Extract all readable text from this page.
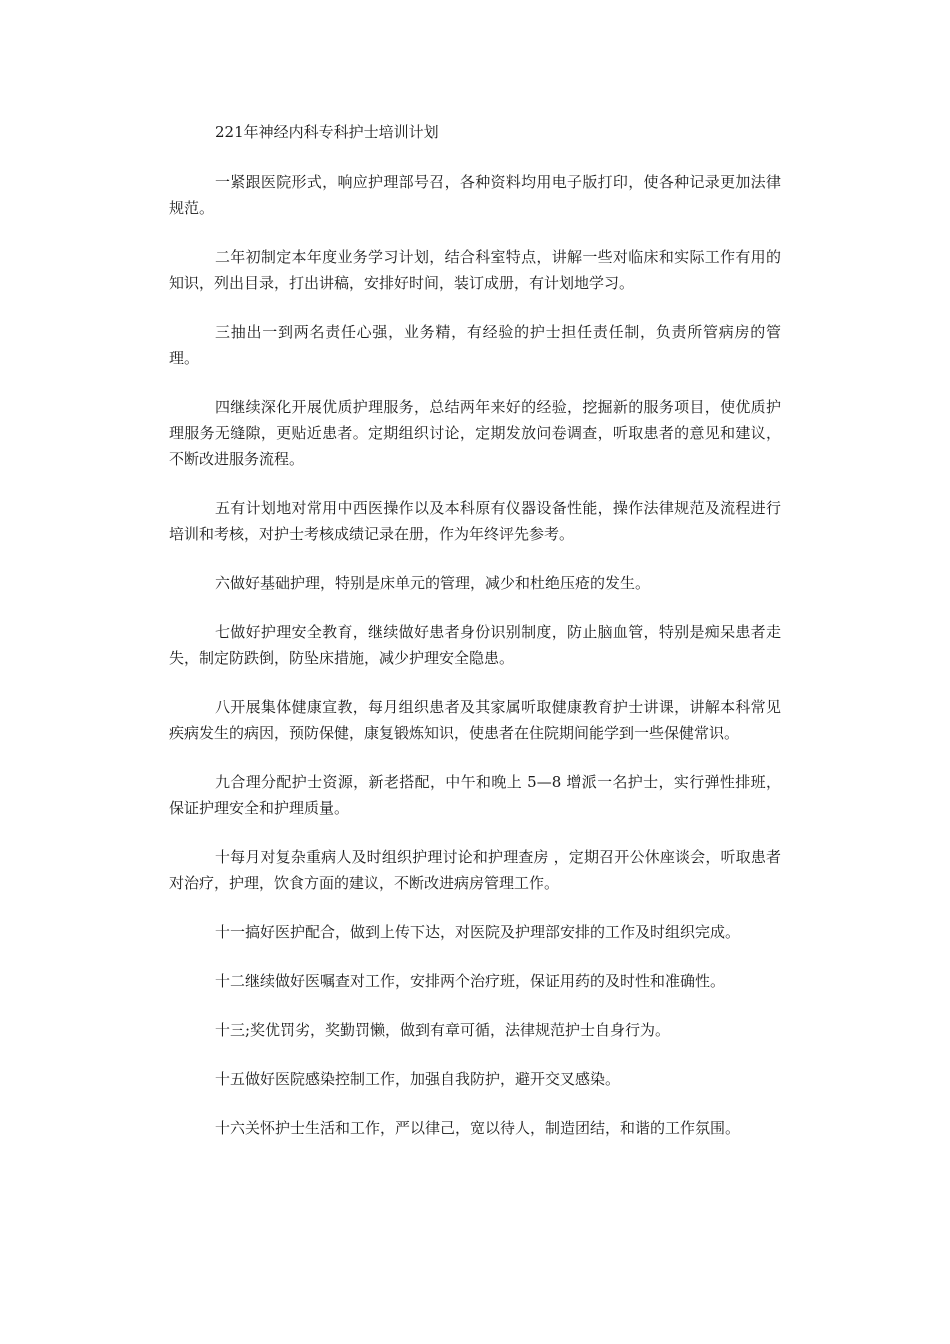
221年神经内科专科护士培训计划

一紧跟医院形式，响应护理部号召，各种资料均用电子版打印，使各种记录更加法律规范。

二年初制定本年度业务学习计划，结合科室特点，讲解一些对临床和实际工作有用的知识，列出目录，打出讲稿，安排好时间，装订成册，有计划地学习。

三抽出一到两名责任心强，业务精，有经验的护士担任责任制，负责所管病房的管理。

四继续深化开展优质护理服务，总结两年来好的经验，挖掘新的服务项目，使优质护理服务无缝隙，更贴近患者。定期组织讨论，定期发放问卷调查，听取患者的意见和建议，不断改进服务流程。

五有计划地对常用中西医操作以及本科原有仪器设备性能，操作法律规范及流程进行培训和考核，对护士考核成绩记录在册，作为年终评先参考。

六做好基础护理，特别是床单元的管理，减少和杜绝压疮的发生。

七做好护理安全教育，继续做好患者身份识别制度，防止脑血管，特别是痴呆患者走失，制定防跌倒，防坠床措施，减少护理安全隐患。

八开展集体健康宣教，每月组织患者及其家属听取健康教育护士讲课，讲解本科常见疾病发生的病因，预防保健，康复锻炼知识，使患者在住院期间能学到一些保健常识。

九合理分配护士资源，新老搭配，中午和晚上 5—8 增派一名护士，实行弹性排班，保证护理安全和护理质量。

十每月对复杂重病人及时组织护理讨论和护理查房 ，定期召开公休座谈会，听取患者对治疗，护理，饮食方面的建议，不断改进病房管理工作。

十一搞好医护配合，做到上传下达，对医院及护理部安排的工作及时组织完成。

十二继续做好医嘱查对工作，安排两个治疗班，保证用药的及时性和准确性。

十三;奖优罚劣，奖勤罚懒，做到有章可循，法律规范护士自身行为。

十五做好医院感染控制工作，加强自我防护，避开交叉感染。

十六关怀护士生活和工作，严以律己，宽以待人，制造团结，和谐的工作氛围。
